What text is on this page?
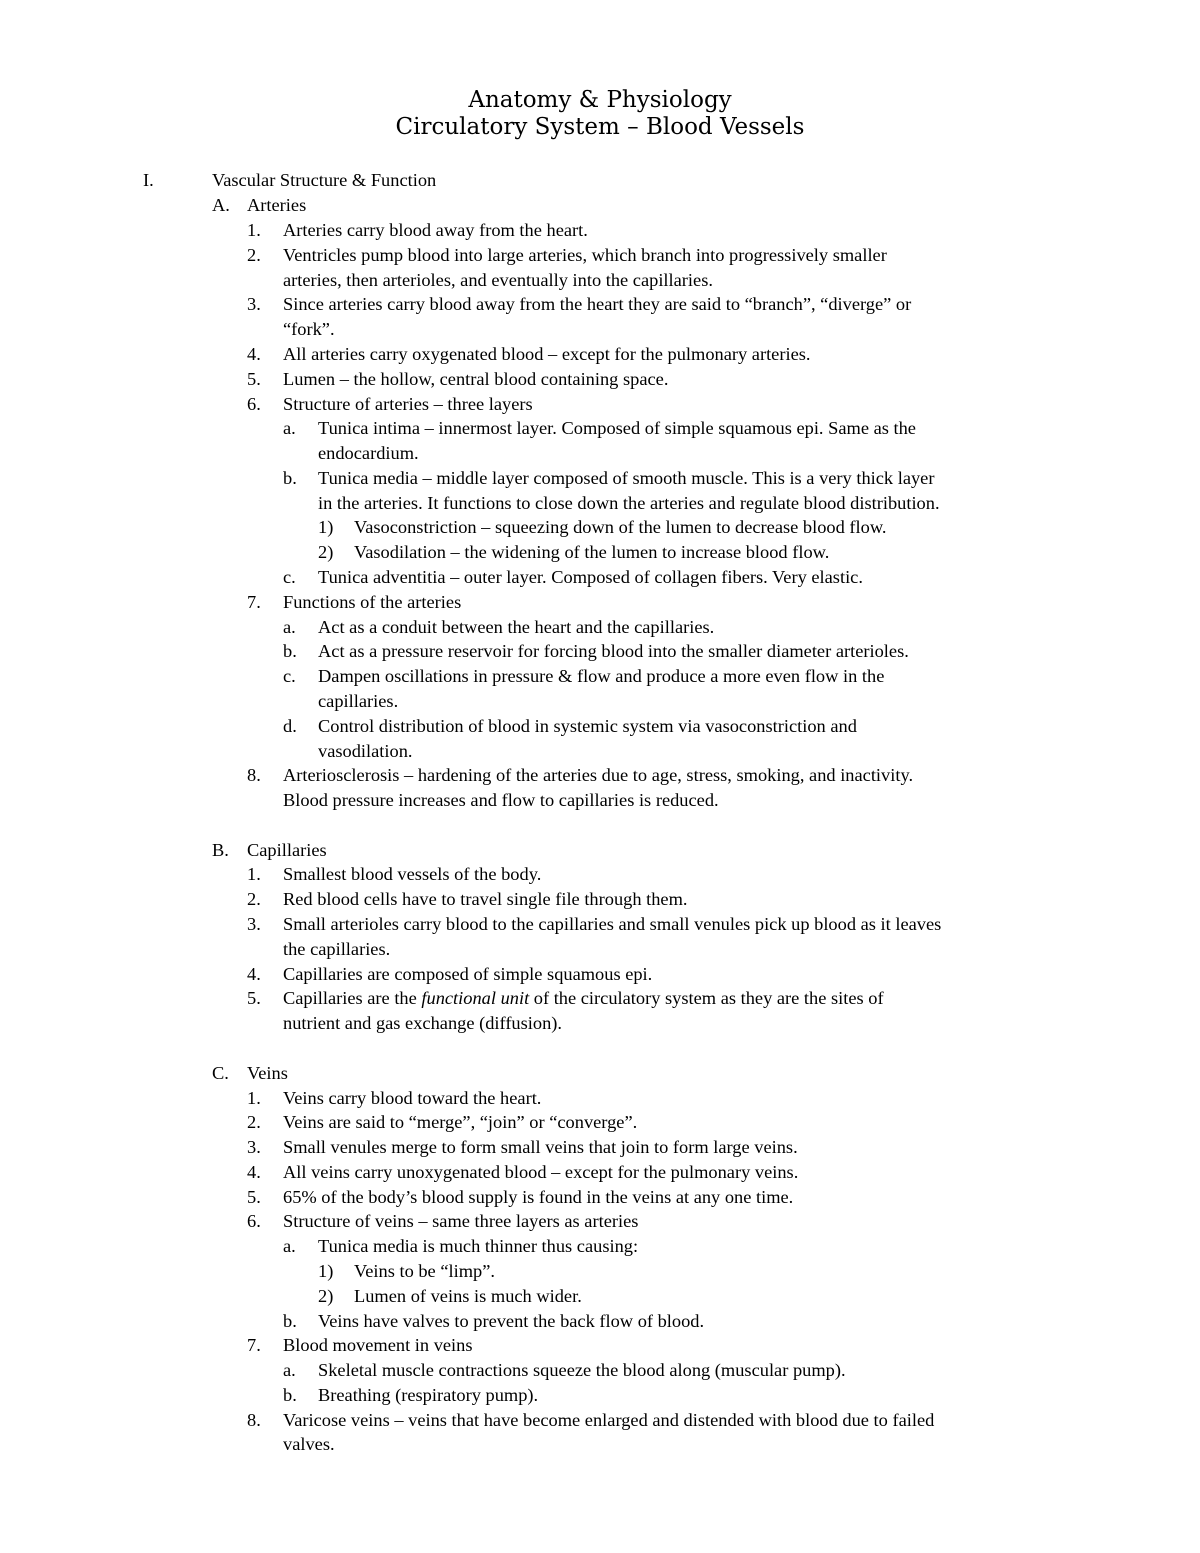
Anatomy & Physiology
Circulatory System – Blood Vessels
I.	Vascular Structure & Function
A. Arteries
1. Arteries carry blood away from the heart.
2. Ventricles pump blood into large arteries, which branch into progressively smaller
arteries, then arterioles, and eventually into the capillaries.
3. Since arteries carry blood away from the heart they are said to “branch”, “diverge” or
“fork”.
4. All arteries carry oxygenated blood – except for the pulmonary arteries.
5. Lumen – the hollow, central blood containing space.
6. Structure of arteries – three layers
a. Tunica intima – innermost layer. Composed of simple squamous epi. Same as the
endocardium.
b. Tunica media – middle layer composed of smooth muscle. This is a very thick layer
in the arteries. It functions to close down the arteries and regulate blood distribution.
1) Vasoconstriction – squeezing down of the lumen to decrease blood flow.
2) Vasodilation – the widening of the lumen to increase blood flow.
c. Tunica adventitia – outer layer. Composed of collagen fibers. Very elastic.
7. Functions of the arteries
a. Act as a conduit between the heart and the capillaries.
b. Act as a pressure reservoir for forcing blood into the smaller diameter arterioles.
c. Dampen oscillations in pressure & flow and produce a more even flow in the
capillaries.
d. Control distribution of blood in systemic system via vasoconstriction and
vasodilation.
8. Arteriosclerosis – hardening of the arteries due to age, stress, smoking, and inactivity.
Blood pressure increases and flow to capillaries is reduced.
B. Capillaries
1. Smallest blood vessels of the body.
2. Red blood cells have to travel single file through them.
3. Small arterioles carry blood to the capillaries and small venules pick up blood as it leaves
the capillaries.
4. Capillaries are composed of simple squamous epi.
5. Capillaries are the functional unit of the circulatory system as they are the sites of
nutrient and gas exchange (diffusion).
C. Veins
1. Veins carry blood toward the heart.
2. Veins are said to “merge”, “join” or “converge”.
3. Small venules merge to form small veins that join to form large veins.
4. All veins carry unoxygenated blood – except for the pulmonary veins.
5. 65% of the body’s blood supply is found in the veins at any one time.
6. Structure of veins – same three layers as arteries
a. Tunica media is much thinner thus causing:
1) Veins to be “limp”.
2) Lumen of veins is much wider.
b. Veins have valves to prevent the back flow of blood.
7. Blood movement in veins
a. Skeletal muscle contractions squeeze the blood along (muscular pump).
b. Breathing (respiratory pump).
8. Varicose veins – veins that have become enlarged and distended with blood due to failed
valves.
